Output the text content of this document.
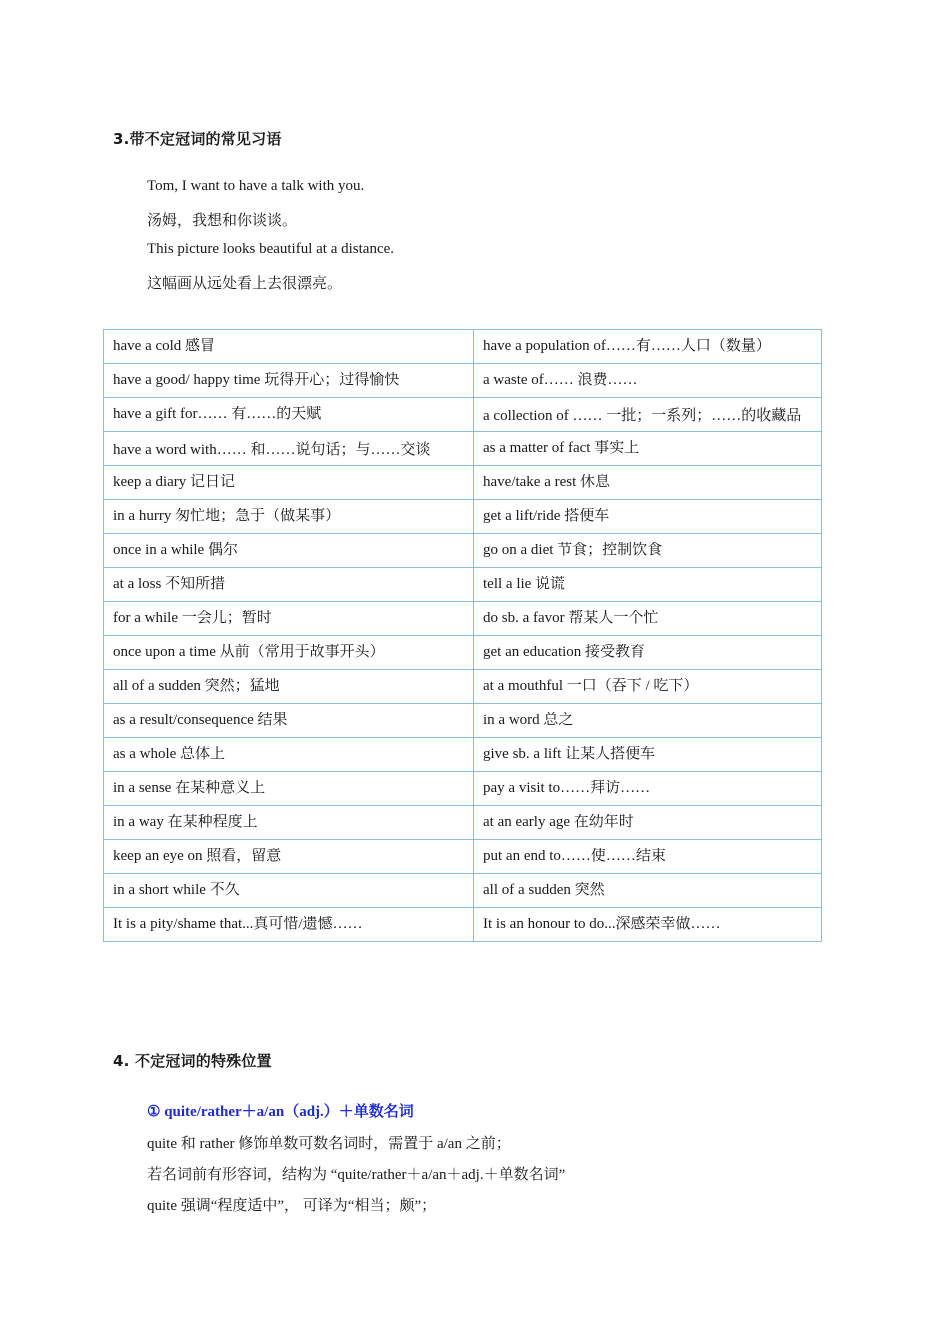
3.带不定冠词的常见习语
Tom, I want to have a talk with you.
汤姆，我想和你谈谈。
This picture looks beautiful at a distance.
这幅画从远处看上去很漂亮。
have a cold 感冒	have a population of……有……人口（数量）

have a good/ happy time 玩得开心；过得愉快	a waste of…… 浪费……

have a gift for…… 有……的天赋	a collection of …… 一批；一系列；……的收藏品

have a word with…… 和……说句话；与……交谈	as a matter of fact 事实上

keep a diary 记日记	have/take a rest 休息

in a hurry 匆忙地；急于（做某事）	get a lift/ride 搭便车

once in a while 偶尔	go on a diet 节食；控制饮食

at a loss 不知所措	tell a lie 说谎

for a while 一会儿；暂时	do sb. a favor 帮某人一个忙

once upon a time 从前（常用于故事开头）	get an education 接受教育

all of a sudden 突然；猛地	at a mouthful 一口（吞下 / 吃下）

as a result/consequence 结果	in a word 总之

as a whole 总体上	give sb. a lift 让某人搭便车

in a sense 在某种意义上	pay a visit to……拜访……

in a way 在某种程度上	at an early age 在幼年时

keep an eye on 照看，留意	put an end to……使……结束

in a short while 不久	all of a sudden 突然

It is a pity/shame that...真可惜/遗憾……	It is an honour to do...深感荣幸做……
4. 不定冠词的特殊位置
① quite/rather＋a/an（adj.）＋单数名词
quite 和 rather 修饰单数可数名词时，需置于 a/an 之前；
若名词前有形容词，结构为 “quite/rather＋a/an＋adj.＋单数名词”
quite 强调“程度适中”， 可译为“相当；颇”；
